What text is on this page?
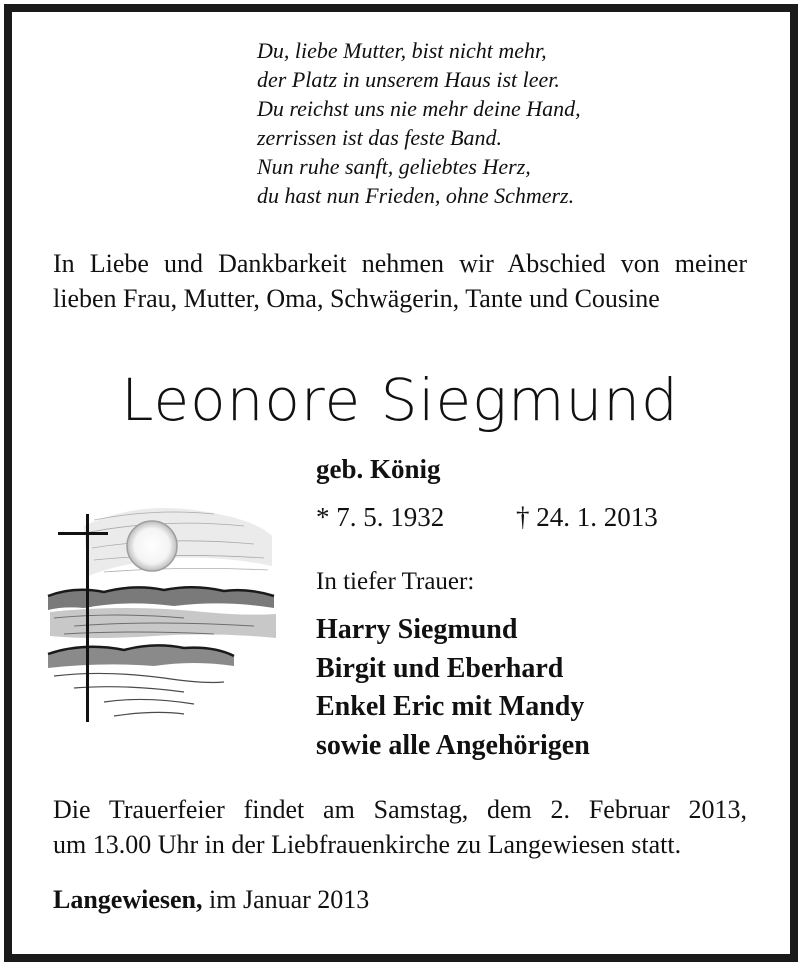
Du, liebe Mutter, bist nicht mehr,
der Platz in unserem Haus ist leer.
Du reichst uns nie mehr deine Hand,
zerrissen ist das feste Band.
Nun ruhe sanft, geliebtes Herz,
du hast nun Frieden, ohne Schmerz.
In Liebe und Dankbarkeit nehmen wir Abschied von meiner lieben Frau, Mutter, Oma, Schwägerin, Tante und Cousine
Leonore Siegmund
geb. König
* 7. 5. 1932	† 24. 1. 2013
In tiefer Trauer:
Harry Siegmund
Birgit und Eberhard
Enkel Eric mit Mandy
sowie alle Angehörigen
Die Trauerfeier findet am Samstag, dem 2. Februar 2013,
um 13.00 Uhr in der Liebfrauenkirche zu Langewiesen statt.
Langewiesen, im Januar 2013
